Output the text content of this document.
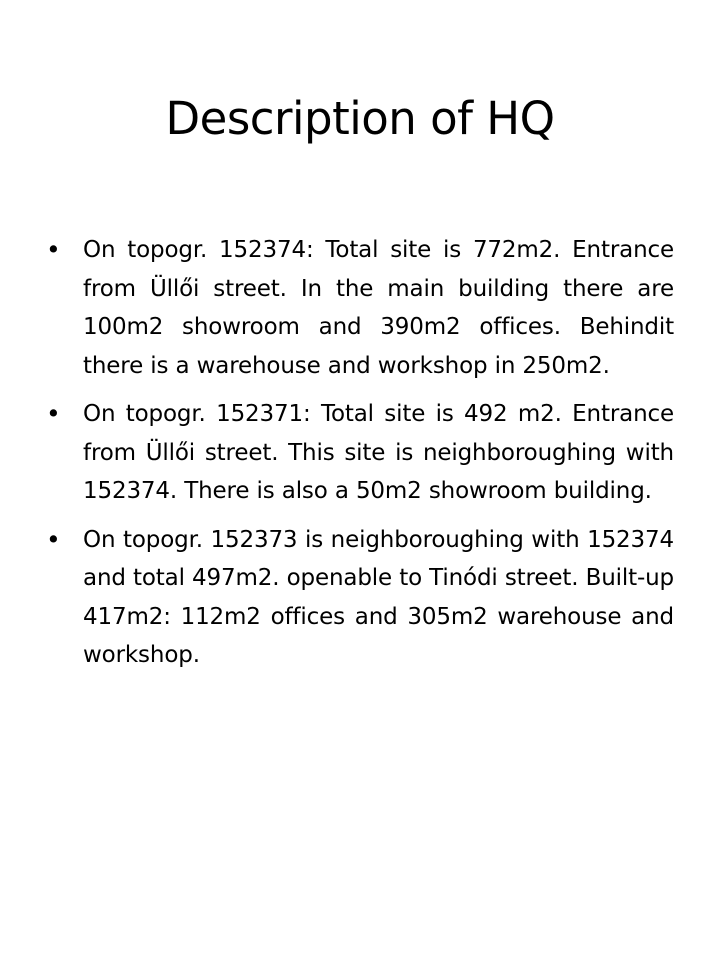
Description of HQ
• On topogr. 152374: Total site is 772m2. Entrance from Üllői street. In the main building there are 100m2 showroom and 390m2 offices. Behindit there is a warehouse and workshop in 250m2.
• On topogr. 152371: Total site is 492 m2. Entrance from Üllői street. This site is neighboroughing with 152374. There is also a 50m2 showroom building.
• On topogr. 152373 is neighboroughing with 152374 and total 497m2. openable to Tinódi street. Built-up 417m2: 112m2 offices and 305m2 warehouse and workshop.
